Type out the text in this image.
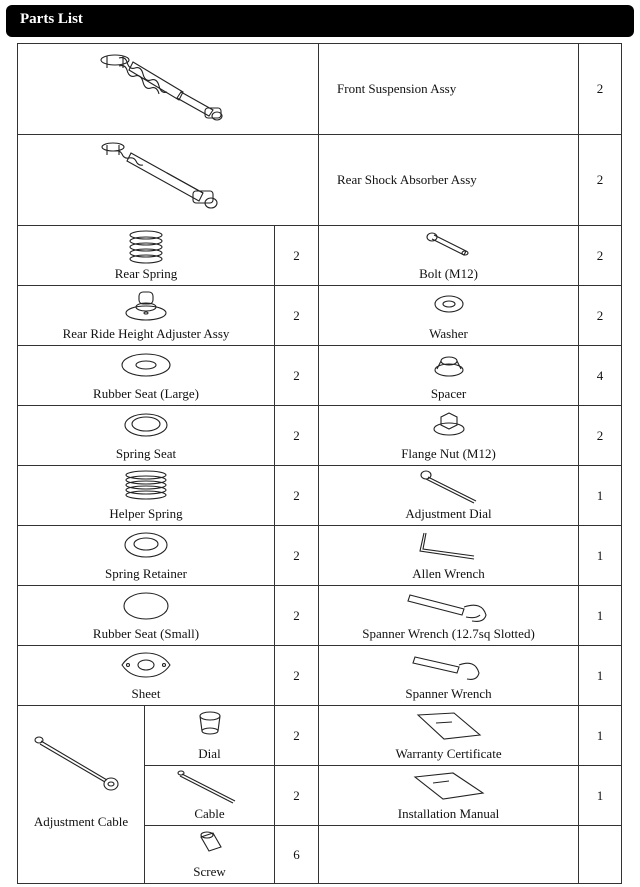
Parts List
	Front Suspension Assy	2
	Rear Shock Absorber Assy	2

Rear Spring		2	Bolt (M12)	2

Rear Ride Height Adjuster Assy		2	Washer	2

Rubber Seat (Large)		2	Spacer	4

Spring Seat		2	Flange Nut (M12)	2

Helper Spring		2	Adjustment Dial	1

Spring Retainer		2	Allen Wrench	1

Rubber Seat (Small)		2	Spanner Wrench (12.7sq Slotted)	1

Sheet		2	Spanner Wrench	1

Adjustment Cable	Dial	2	Warranty Certificate	1

	Cable	2	Installation Manual	1

	Screw	6		
